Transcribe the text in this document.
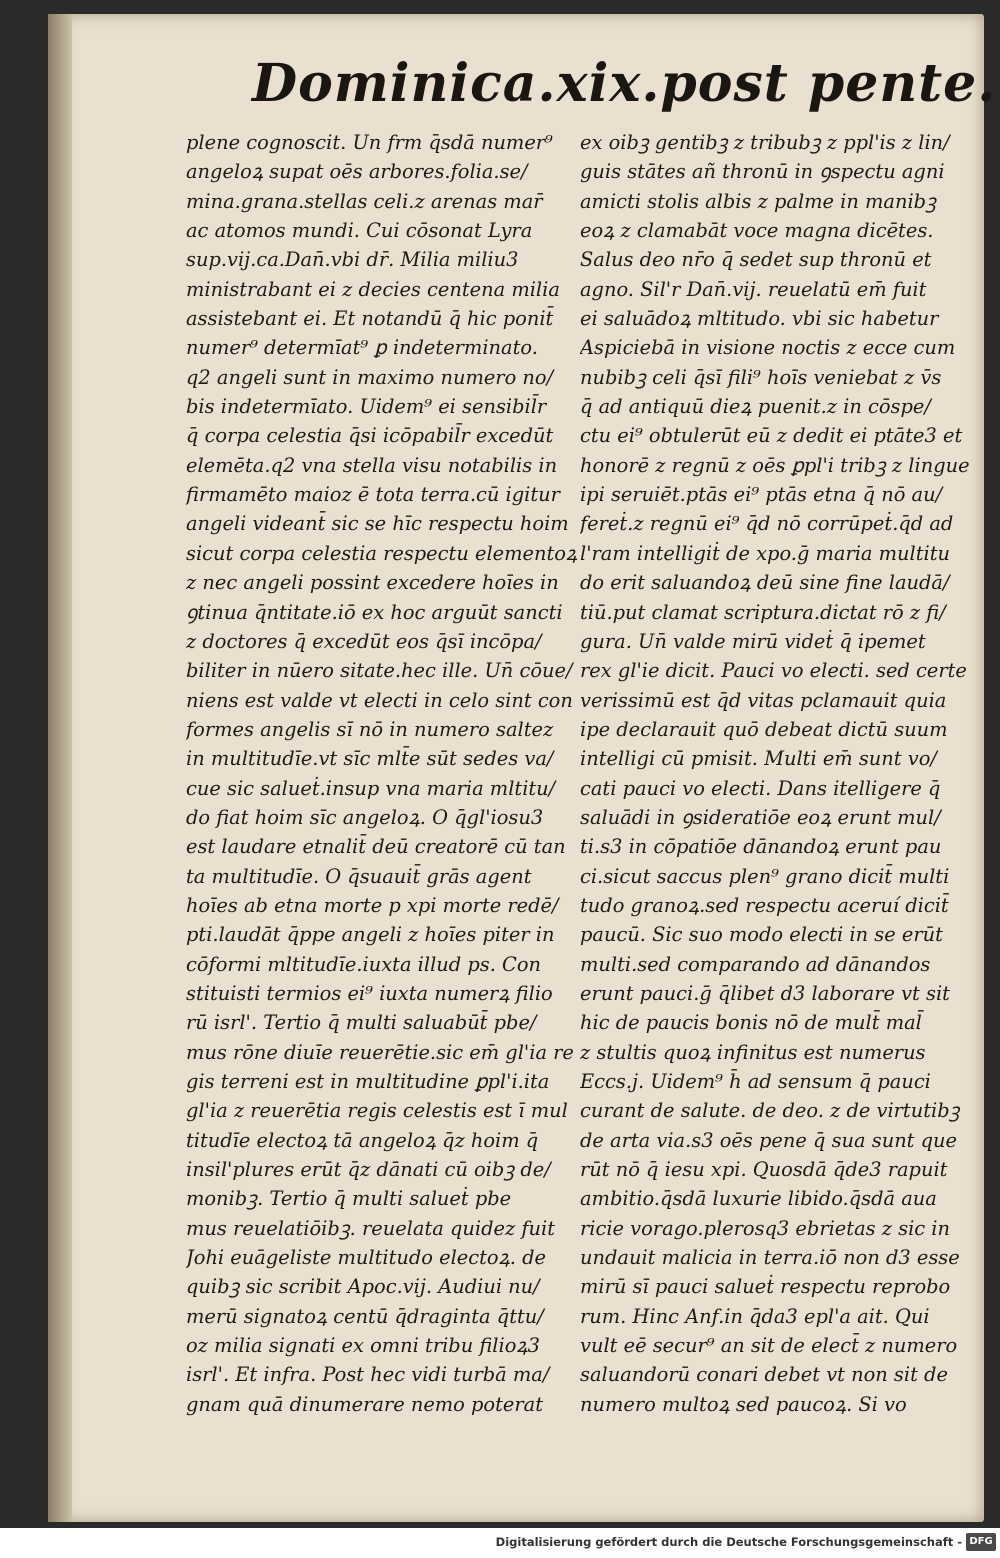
Dominica.xix.post pente.
plene cognoscit. Un frm q̄sdā numer⁹
angeloꝝ supat oēs arbores.folia.se/
mina.grana.stellas celi.z arenas mar̄
ac atomos mundi. Cui cōsonat Lyra
sup.vij.ca.Dan̄.vbi dr̄. Milia miliu3
ministrabant ei z decies centena milia
assistebant ei. Et notandū q̄ hic ponit̄
numer⁹ determīat⁹ ꝑ indeterminato.
q2 angeli sunt in maximo numero no/
bis indetermīato. Uidem⁹ ei sensibil̄r
q̄ corpa celestia q̄si icōpabil̄r excedūt
elemēta.q2 vna stella visu notabilis in
firmamēto maioz ē tota terra.cū igitur
angeli videant̄ sic se hīc respectu hoim
sicut corpa celestia respectu elementoꝝ
z nec angeli possint excedere hoīes in
ꝯtinua q̄ntitate.iō ex hoc arguūt sancti
z doctores q̄ excedūt eos q̄sī incōpa/
biliter in nūero sitate.hec ille. Un̄ cōue/
niens est valde vt electi in celo sint con
formes angelis sī nō in numero saltez
in multitudīe.vt sīc mlt̄e sūt sedes va/
cue sic salueṫ.insup vna maria mltitu/
do fiat hoim sīc angeloꝝ. O q̄gl'iosu3
est laudare etnalit̄ deū creatorē cū tan
ta multitudīe. O q̄suauit̄ grās agent
hoīes ab etna morte p xpi morte redē/
pti.laudāt q̄ppe angeli z hoīes piter in
cōformi mltitudīe.iuxta illud ps. Con
stituisti termios ei⁹ iuxta numerꝝ filio
rū isrl'. Tertio q̄ multi saluabūt̄ pbe/
mus rōne diuīe reuerētie.sic em̄ gl'ia re
gis terreni est in multitudine ꝑpl'i.ita
gl'ia z reuerētia regis celestis est ī mul
titudīe electoꝝ tā angeloꝝ q̄z hoim q̄
insil'plures erūt q̄z dānati cū oibꝫ de/
monibꝫ. Tertio q̄ multi salueṫ pbe
mus reuelatiōibꝫ. reuelata quidez fuit
Johi euāgeliste multitudo electoꝝ. de
quibꝫ sic scribit Apoc.vij. Audiui nu/
merū signatoꝝ centū q̄draginta q̄ttu/
oz milia signati ex omni tribu filioꝝ3
isrl'. Et infra. Post hec vidi turbā ma/
gnam quā dinumerare nemo poterat
ex oibꝫ gentibꝫ z tribubꝫ z ppl'is z lin/
guis stātes añ thronū in ꝯspectu agni
amicti stolis albis z palme in manibꝫ
eoꝝ z clamabāt voce magna dicētes.
Salus deo nr̄o q̄ sedet sup thronū et
agno. Sil'r Dan̄.vij. reuelatū em̄ fuit
ei saluādoꝝ mltitudo. vbi sic habetur
Aspiciebā in visione noctis z ecce cum
nubibꝫ celi q̄sī fili⁹ hoīs veniebat z v̄s
q̄ ad antiquū dieꝝ puenit.z in cōspe/
ctu ei⁹ obtulerūt eū z dedit ei ptāte3 et
honorē z regnū z oēs ꝑpl'i tribꝫ z lingue
ipi seruiēt.ptās ei⁹ ptās etna q̄ nō au/
fereṫ.z regnū ei⁹ q̄d nō corrūpeṫ.q̄d ad
l'ram intelligiṫ de xpo.ḡ maria multitu
do erit saluandoꝝ deū sine fine laudā/
tiū.put clamat scriptura.dictat rō z fi/
gura. Un̄ valde mirū videṫ q̄ ipemet
rex gl'ie dicit. Pauci vo electi. sed certe
verissimū est q̄d vitas pclamauit quia
ipe declarauit quō debeat dictū suum
intelligi cū pmisit. Multi em̄ sunt vo/
cati pauci vo electi. Dans itelligere q̄
saluādi in ꝯsideratiōe eoꝝ erunt mul/
ti.s3 in cōpatiōe dānandoꝝ erunt pau
ci.sicut saccus plen⁹ grano dicit̄ multi
tudo granoꝝ.sed respectu aceruí dicit̄
paucū. Sic suo modo electi in se erūt
multi.sed comparando ad dānandos
erunt pauci.ḡ q̄libet d3 laborare vt sit
hic de paucis bonis nō de mult̄ mal̄
z stultis quoꝝ infinitus est numerus
Eccs.j. Uidem⁹ h̄ ad sensum q̄ pauci
curant de salute. de deo. z de virtutibꝫ
de arta via.s3 oēs pene q̄ sua sunt que
rūt nō q̄ iesu xpi. Quosdā q̄de3 rapuit
ambitio.q̄sdā luxurie libido.q̄sdā aua
ricie vorago.plerosq3 ebrietas z sic in
undauit malicia in terra.iō non d3 esse
mirū sī pauci salueṫ respectu reprobo
rum. Hinc Anf.in q̄da3 epl'a ait. Qui
vult eē secur⁹ an sit de elect̄ z numero
saluandorū conari debet vt non sit de
numero multoꝝ sed paucoꝝ. Si vo
Digitalisierung gefördert durch die Deutsche Forschungsgemeinschaft - DFG
